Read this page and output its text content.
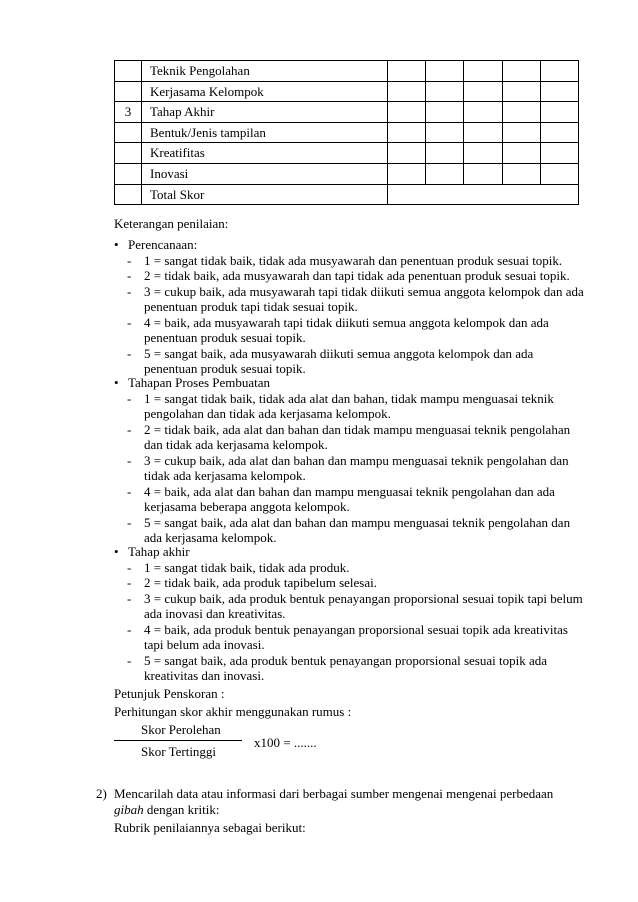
	Teknik Pengolahan					
	Kerjasama Kelompok					
3	Tahap Akhir					
	Bentuk/Jenis tampilan					
	Kreatifitas					
	Inovasi					
	Total Skor					
Keterangan penilaian:
• Perencanaan:
- 1 = sangat tidak baik, tidak ada musyawarah dan penentuan produk sesuai topik.
- 2 = tidak baik, ada musyawarah dan tapi tidak ada penentuan produk sesuai topik.
- 3 = cukup baik, ada musyawarah tapi tidak diikuti semua anggota kelompok dan ada penentuan produk tapi tidak sesuai topik.
- 4 = baik, ada musyawarah tapi tidak diikuti semua anggota kelompok dan ada penentuan produk sesuai topik.
- 5 = sangat baik, ada musyawarah diikuti semua anggota kelompok dan ada penentuan produk sesuai topik.
• Tahapan Proses Pembuatan
- 1 = sangat tidak baik, tidak ada alat dan bahan, tidak mampu menguasai teknik pengolahan dan tidak ada kerjasama kelompok.
- 2 = tidak baik, ada alat dan bahan dan tidak mampu menguasai teknik pengolahan dan tidak ada kerjasama kelompok.
- 3 = cukup baik, ada alat dan bahan dan mampu menguasai teknik pengolahan dan tidak ada kerjasama kelompok.
- 4 = baik, ada alat dan bahan dan mampu menguasai teknik pengolahan dan ada kerjasama beberapa anggota kelompok.
- 5 = sangat baik, ada alat dan bahan dan mampu menguasai teknik pengolahan dan ada kerjasama kelompok.
• Tahap akhir
- 1 = sangat tidak baik, tidak ada produk.
- 2 = tidak baik, ada produk tapibelum selesai.
- 3 = cukup baik, ada produk bentuk penayangan proporsional sesuai topik tapi belum ada inovasi dan kreativitas.
- 4 = baik, ada produk bentuk penayangan proporsional sesuai topik ada kreativitas tapi belum ada inovasi.
- 5 = sangat baik, ada produk bentuk penayangan proporsional sesuai topik ada kreativitas dan inovasi.
Petunjuk Penskoran :
Perhitungan skor akhir menggunakan rumus :
Skor Perolehan
Skor Tertinggi
x100 = .......
2) Mencarilah data atau informasi dari berbagai sumber mengenai mengenai perbedaan
gibah dengan kritik:
Rubrik penilaiannya sebagai berikut:
